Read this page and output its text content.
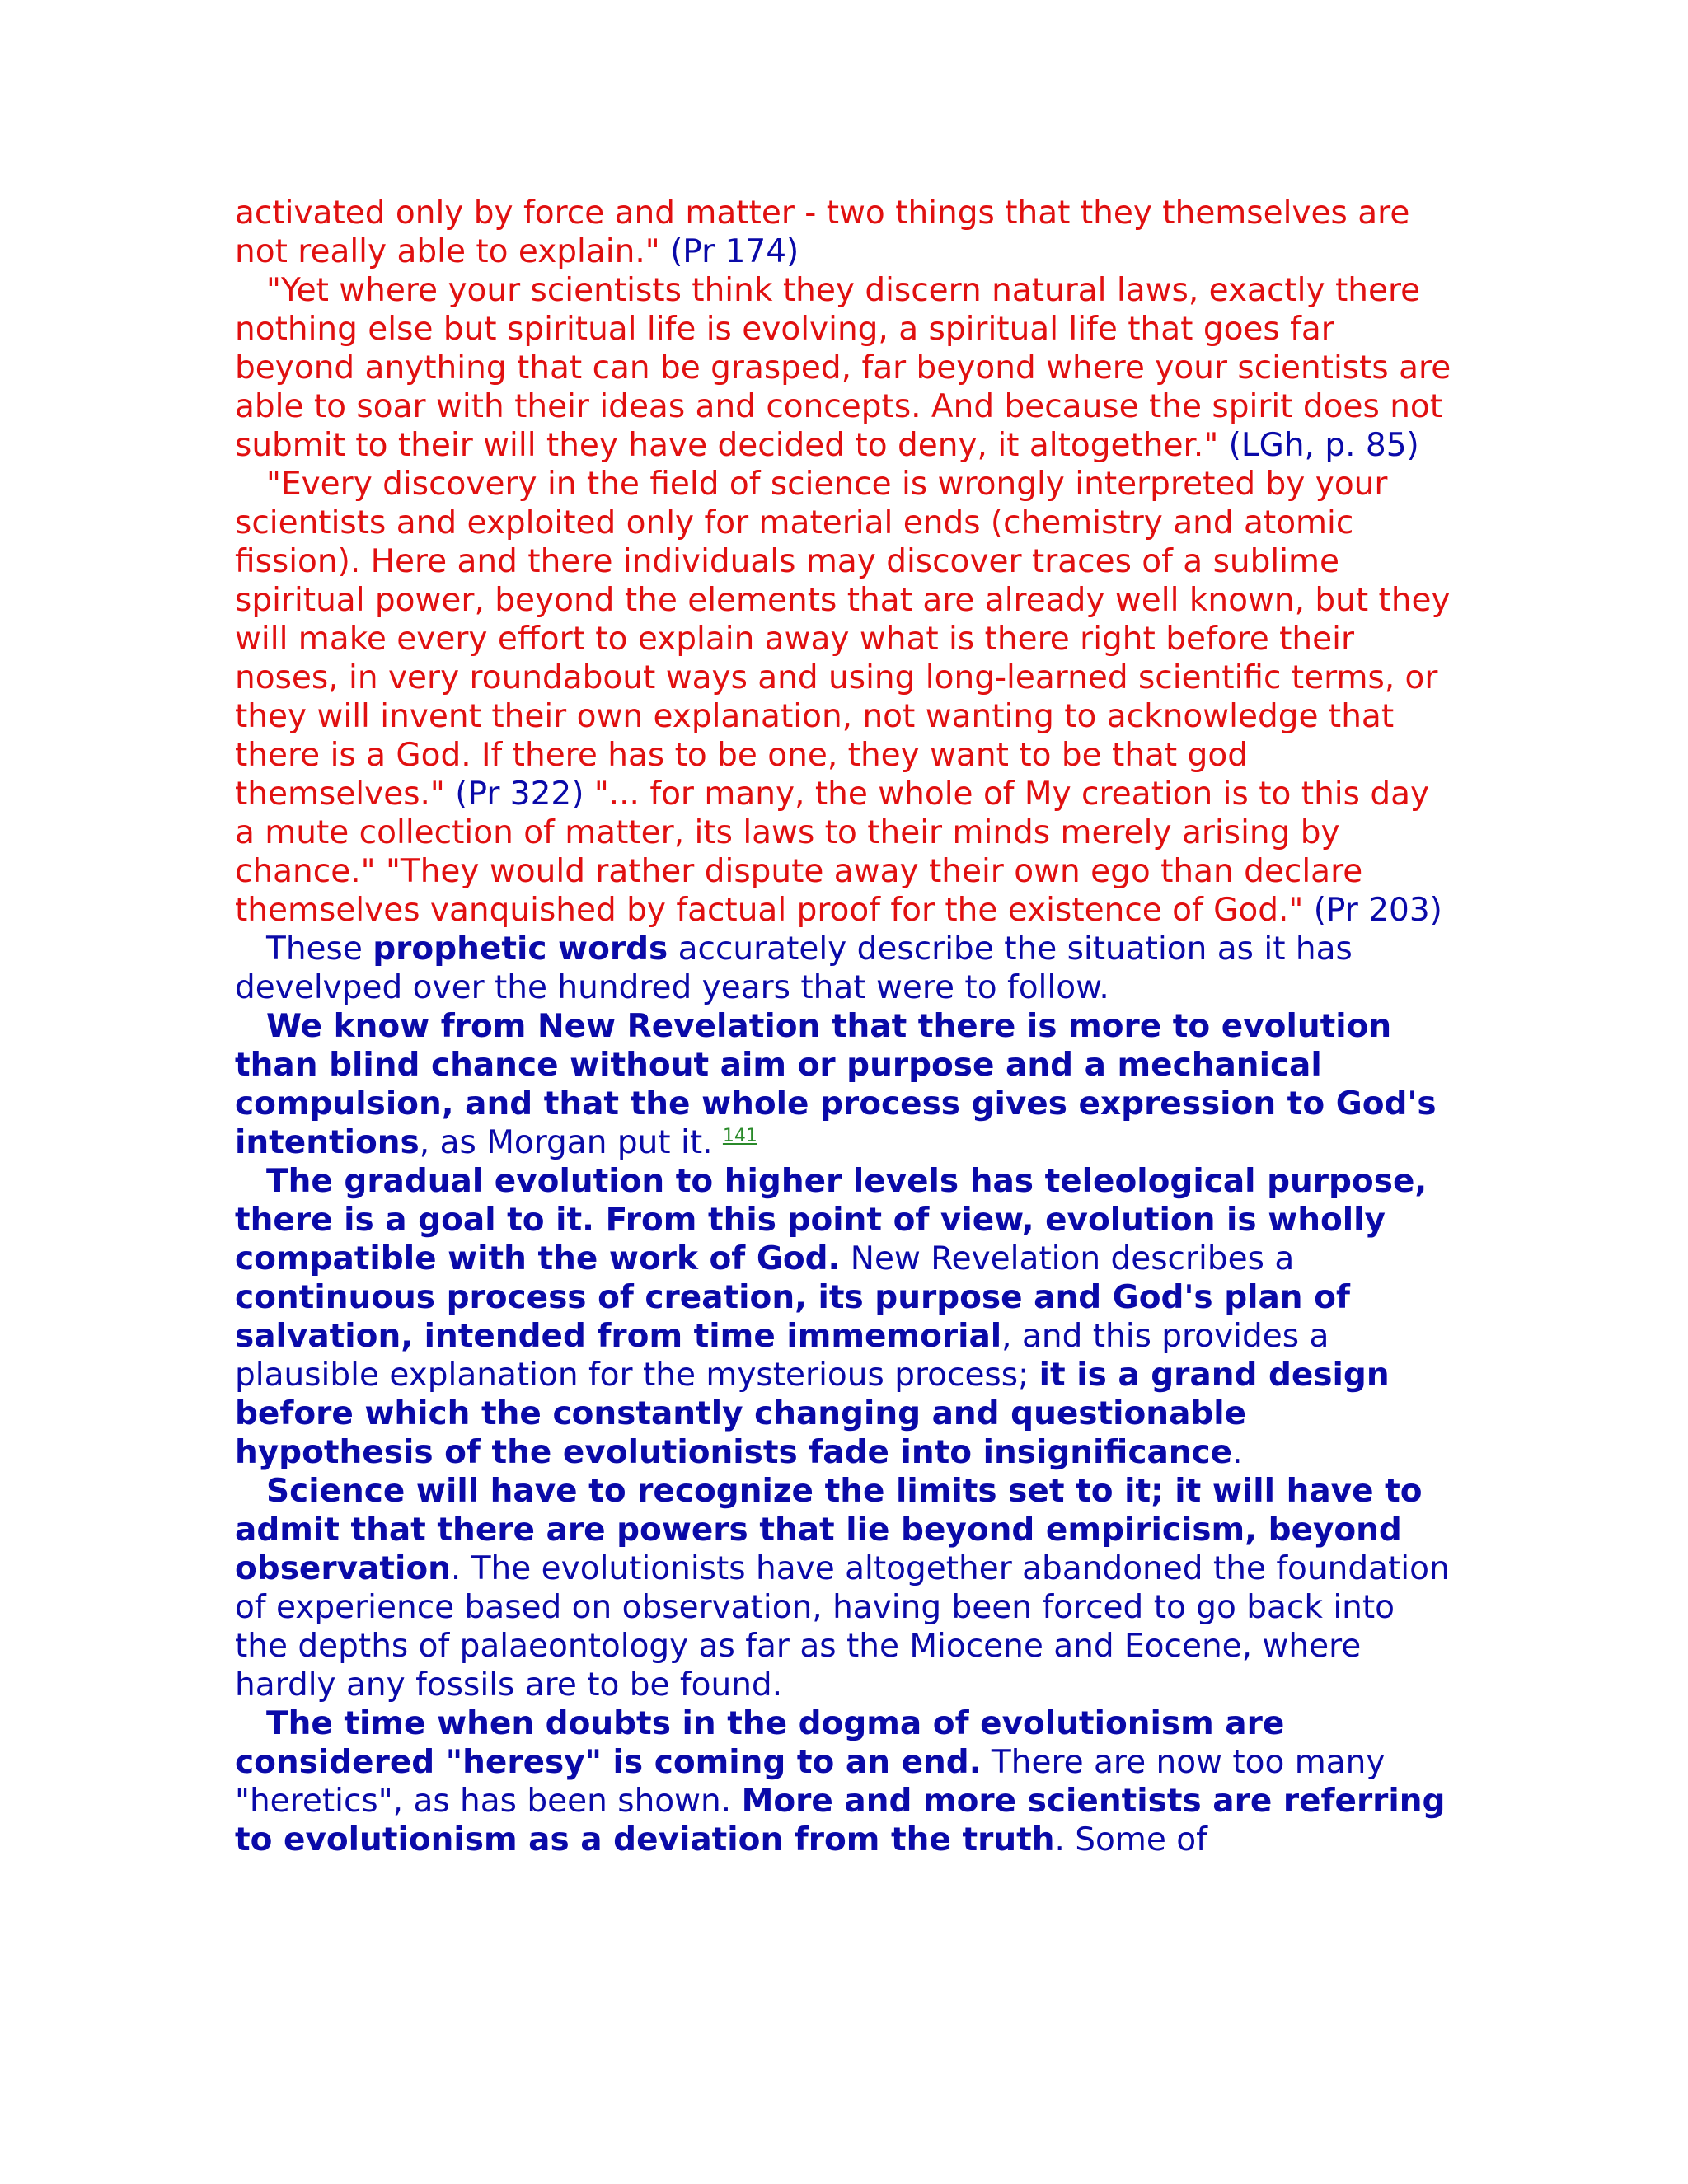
activated only by force and matter - two things that they themselves are not really able to explain." (Pr 174)

"Yet where your scientists think they discern natural laws, exactly there nothing else but spiritual life is evolving, a spiritual life that goes far beyond anything that can be grasped, far beyond where your scientists are able to soar with their ideas and concepts. And because the spirit does not submit to their will they have decided to deny, it altogether." (LGh, p. 85)

"Every discovery in the field of science is wrongly interpreted by your scientists and exploited only for material ends (chemistry and atomic fission). Here and there individuals may discover traces of a sublime spiritual power, beyond the elements that are already well known, but they will make every effort to explain away what is there right before their noses, in very roundabout ways and using long-learned scientific terms, or they will invent their own explanation, not wanting to acknowledge that there is a God. If there has to be one, they want to be that god themselves." (Pr 322) "... for many, the whole of My creation is to this day a mute collection of matter, its laws to their minds merely arising by chance." "They would rather dispute away their own ego than declare themselves vanquished by factual proof for the existence of God." (Pr 203)

These prophetic words accurately describe the situation as it has develvped over the hundred years that were to follow.

We know from New Revelation that there is more to evolution than blind chance without aim or purpose and a mechanical compulsion, and that the whole process gives expression to God's intentions, as Morgan put it. $^{141}$

The gradual evolution to higher levels has teleological purpose, there is a goal to it. From this point of view, evolution is wholly compatible with the work of God. New Revelation describes a continuous process of creation, its purpose and God's plan of salvation, intended from time immemorial, and this provides a plausible explanation for the mysterious process; it is a grand design before which the constantly changing and questionable hypothesis of the evolutionists fade into insignificance.

Science will have to recognize the limits set to it; it will have to admit that there are powers that lie beyond empiricism, beyond observation. The evolutionists have altogether abandoned the foundation of experience based on observation, having been forced to go back into the depths of palaeontology as far as the Miocene and Eocene, where hardly any fossils are to be found.

The time when doubts in the dogma of evolutionism are considered "heresy" is coming to an end. There are now too many "heretics", as has been shown. More and more scientists are referring to evolutionism as a deviation from the truth. Some of
